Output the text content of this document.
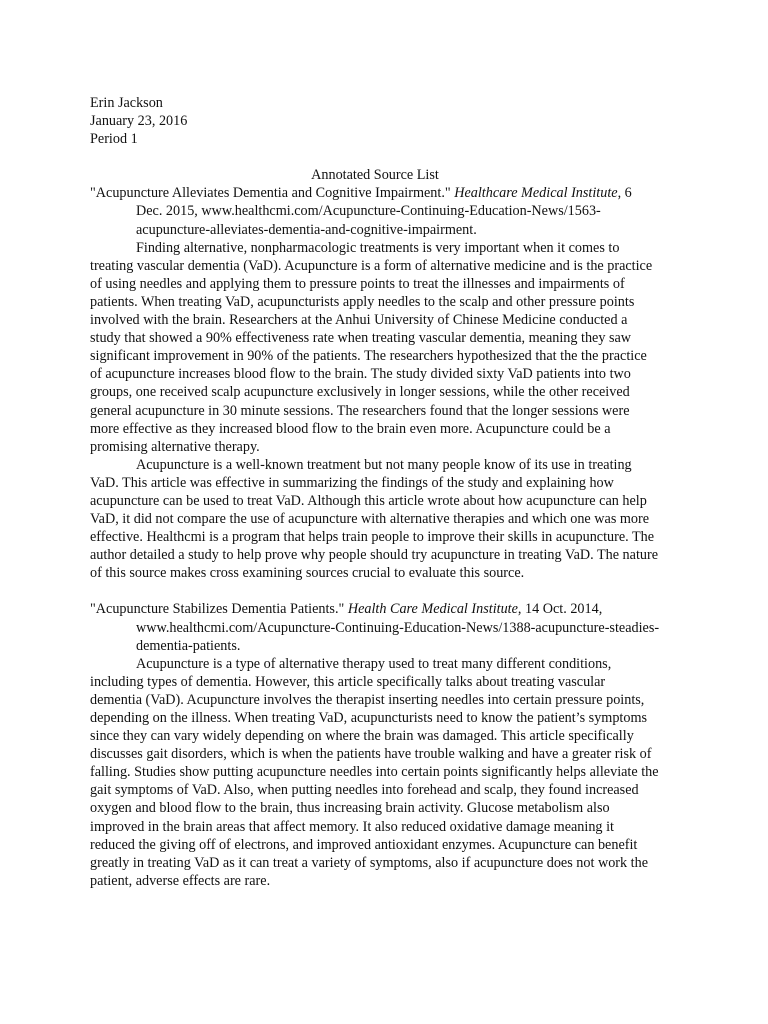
Erin Jackson
January 23, 2016
Period 1
Annotated Source List

"Acupuncture Alleviates Dementia and Cognitive Impairment." Healthcare Medical Institute, 6 Dec. 2015, www.healthcmi.com/Acupuncture-Continuing-Education-News/1563-acupuncture-alleviates-dementia-and-cognitive-impairment.

Finding alternative, nonpharmacologic treatments is very important when it comes to treating vascular dementia (VaD). Acupuncture is a form of alternative medicine and is the practice of using needles and applying them to pressure points to treat the illnesses and impairments of patients. When treating VaD, acupuncturists apply needles to the scalp and other pressure points involved with the brain. Researchers at the Anhui University of Chinese Medicine conducted a study that showed a 90% effectiveness rate when treating vascular dementia, meaning they saw significant improvement in 90% of the patients. The researchers hypothesized that the the practice of acupuncture increases blood flow to the brain. The study divided sixty VaD patients into two groups, one received scalp acupuncture exclusively in longer sessions, while the other received general acupuncture in 30 minute sessions. The researchers found that the longer sessions were more effective as they increased blood flow to the brain even more. Acupuncture could be a promising alternative therapy.

Acupuncture is a well-known treatment but not many people know of its use in treating VaD. This article was effective in summarizing the findings of the study and explaining how acupuncture can be used to treat VaD. Although this article wrote about how acupuncture can help VaD, it did not compare the use of acupuncture with alternative therapies and which one was more effective. Healthcmi is a program that helps train people to improve their skills in acupuncture. The author detailed a study to help prove why people should try acupuncture in treating VaD. The nature of this source makes cross examining sources crucial to evaluate this source.

"Acupuncture Stabilizes Dementia Patients." Health Care Medical Institute, 14 Oct. 2014, www.healthcmi.com/Acupuncture-Continuing-Education-News/1388-acupuncture-steadies-dementia-patients.

Acupuncture is a type of alternative therapy used to treat many different conditions, including types of dementia. However, this article specifically talks about treating vascular dementia (VaD). Acupuncture involves the therapist inserting needles into certain pressure points, depending on the illness. When treating VaD, acupuncturists need to know the patient’s symptoms since they can vary widely depending on where the brain was damaged. This article specifically discusses gait disorders, which is when the patients have trouble walking and have a greater risk of falling. Studies show putting acupuncture needles into certain points significantly helps alleviate the gait symptoms of VaD. Also, when putting needles into forehead and scalp, they found increased oxygen and blood flow to the brain, thus increasing brain activity. Glucose metabolism also improved in the brain areas that affect memory. It also reduced oxidative damage meaning it reduced the giving off of electrons, and improved antioxidant enzymes. Acupuncture can benefit greatly in treating VaD as it can treat a variety of symptoms, also if acupuncture does not work the patient, adverse effects are rare.
